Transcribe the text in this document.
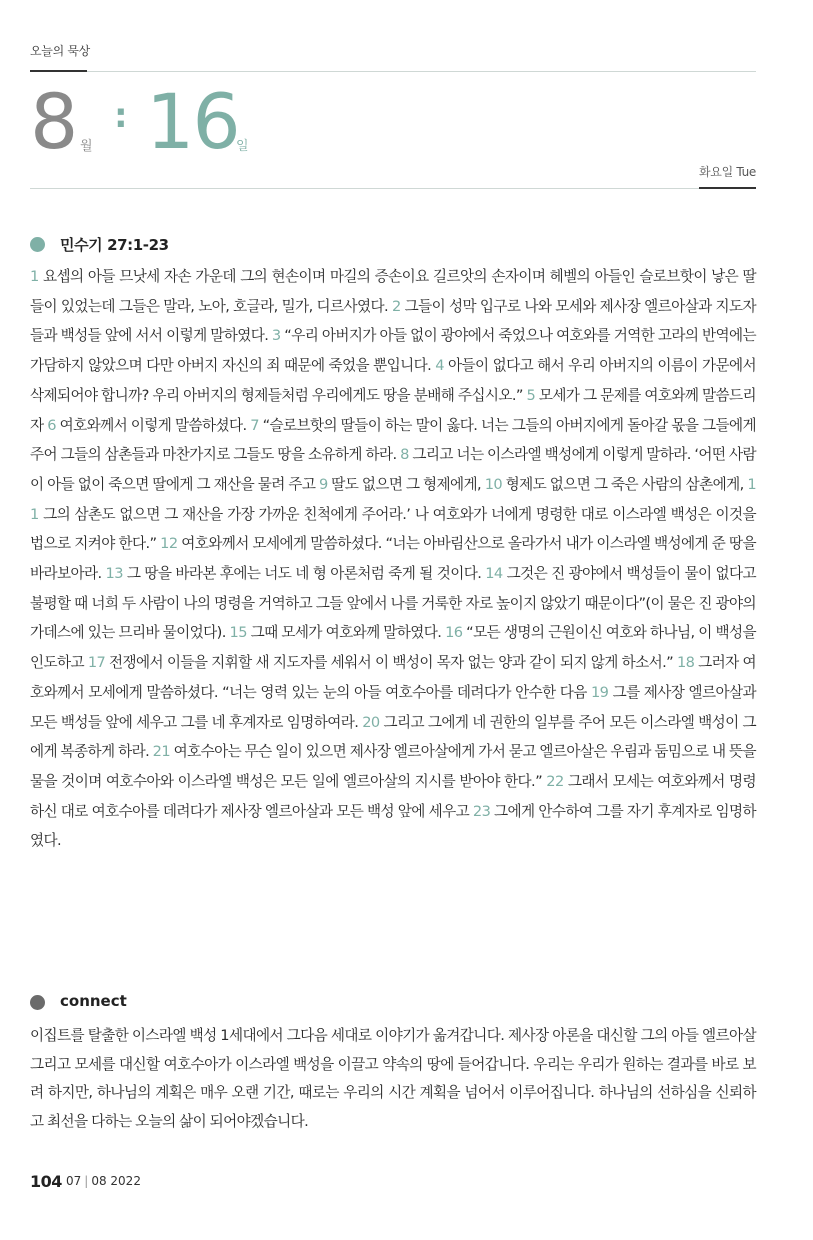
오늘의 묵상
8 월
: 16
일
화요일 Tue
민수기 27:1-23
1 요셉의 아들 므낫세 자손 가운데 그의 현손이며 마길의 증손이요 길르앗의 손자이며 헤벨의 아들인 슬로브핫이 낳은 딸들이 있었는데 그들은 말라, 노아, 호글라, 밀가, 디르사였다. 2 그들이 성막 입구로 나와 모세와 제사장 엘르아살과 지도자들과 백성들 앞에 서서 이렇게 말하였다. 3 “우리 아버지가 아들 없이 광야에서 죽었으나 여호와를 거역한 고라의 반역에는 가담하지 않았으며 다만 아버지 자신의 죄 때문에 죽었을 뿐입니다. 4 아들이 없다고 해서 우리 아버지의 이름이 가문에서 삭제되어야 합니까? 우리 아버지의 형제들처럼 우리에게도 땅을 분배해 주십시오.” 5 모세가 그 문제를 여호와께 말씀드리자 6 여호와께서 이렇게 말씀하셨다. 7 “슬로브핫의 딸들이 하는 말이 옳다. 너는 그들의 아버지에게 돌아갈 몫을 그들에게 주어 그들의 삼촌들과 마찬가지로 그들도 땅을 소유하게 하라. 8 그리고 너는 이스라엘 백성에게 이렇게 말하라. ‘어떤 사람이 아들 없이 죽으면 딸에게 그 재산을 물려 주고 9 딸도 없으면 그 형제에게, 10 형제도 없으면 그 죽은 사람의 삼촌에게, 11 그의 삼촌도 없으면 그 재산을 가장 가까운 친척에게 주어라.’ 나 여호와가 너에게 명령한 대로 이스라엘 백성은 이것을 법으로 지켜야 한다.” 12 여호와께서 모세에게 말씀하셨다. “너는 아바림산으로 올라가서 내가 이스라엘 백성에게 준 땅을 바라보아라. 13 그 땅을 바라본 후에는 너도 네 형 아론처럼 죽게 될 것이다. 14 그것은 진 광야에서 백성들이 물이 없다고 불평할 때 너희 두 사람이 나의 명령을 거역하고 그들 앞에서 나를 거룩한 자로 높이지 않았기 때문이다”(이 물은 진 광야의 가데스에 있는 므리바 물이었다). 15 그때 모세가 여호와께 말하였다. 16 “모든 생명의 근원이신 여호와 하나님, 이 백성을 인도하고 17 전쟁에서 이들을 지휘할 새 지도자를 세워서 이 백성이 목자 없는 양과 같이 되지 않게 하소서.” 18 그러자 여호와께서 모세에게 말씀하셨다. “너는 영력 있는 눈의 아들 여호수아를 데려다가 안수한 다음 19 그를 제사장 엘르아살과 모든 백성들 앞에 세우고 그를 네 후계자로 임명하여라. 20 그리고 그에게 네 권한의 일부를 주어 모든 이스라엘 백성이 그에게 복종하게 하라. 21 여호수아는 무슨 일이 있으면 제사장 엘르아살에게 가서 묻고 엘르아살은 우림과 둠밈으로 내 뜻을 물을 것이며 여호수아와 이스라엘 백성은 모든 일에 엘르아살의 지시를 받아야 한다.” 22 그래서 모세는 여호와께서 명령하신 대로 여호수아를 데려다가 제사장 엘르아살과 모든 백성 앞에 세우고 23 그에게 안수하여 그를 자기 후계자로 임명하였다.
connect
이집트를 탈출한 이스라엘 백성 1세대에서 그다음 세대로 이야기가 옮겨갑니다. 제사장 아론을 대신할 그의 아들 엘르아살 그리고 모세를 대신할 여호수아가 이스라엘 백성을 이끌고 약속의 땅에 들어갑니다. 우리는 우리가 원하는 결과를 바로 보려 하지만, 하나님의 계획은 매우 오랜 기간, 때로는 우리의 시간 계획을 넘어서 이루어집니다. 하나님의 선하심을 신뢰하고 최선을 다하는 오늘의 삶이 되어야겠습니다.
104 07 | 08 2022
